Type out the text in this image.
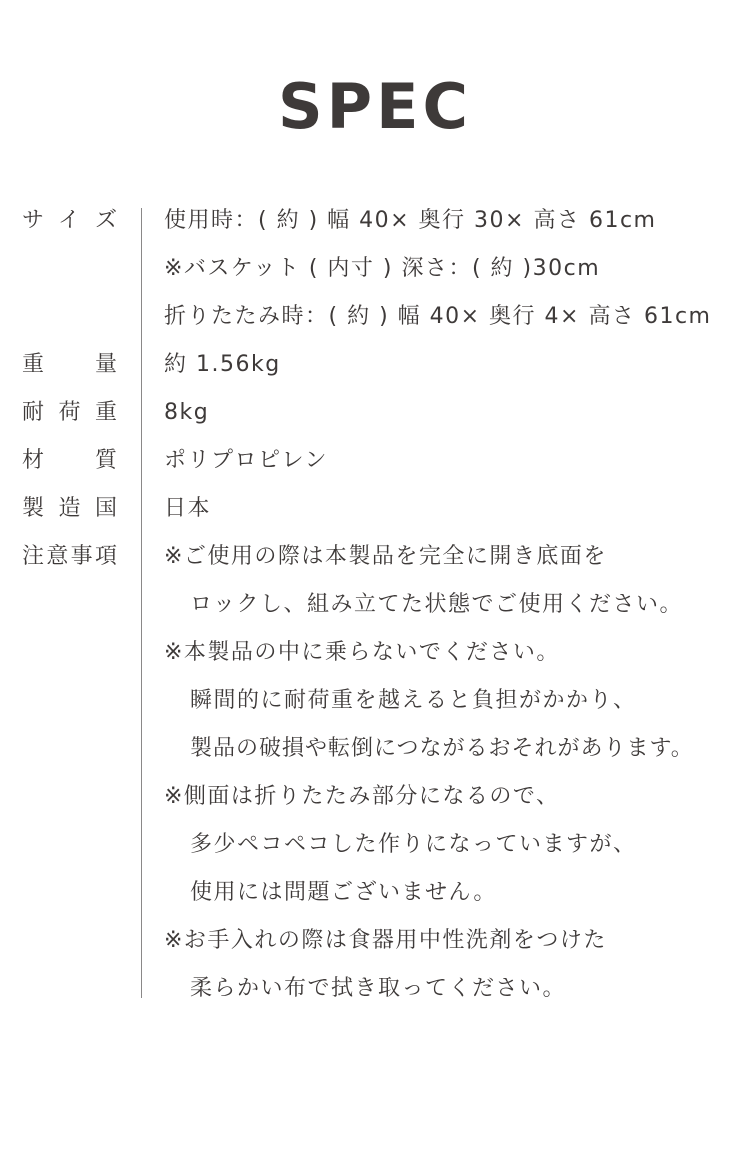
SPEC
サイズ 使用時：( 約 ) 幅 40× 奥行 30× 高さ 61cm
※バスケット ( 内寸 ) 深さ：( 約 )30cm
折りたたみ時：( 約 ) 幅 40× 奥行 4× 高さ 61cm
重量 約 1.56kg
耐荷重 8kg
材質 ポリプロピレン
製造国 日本
注意事項 ※ご使用の際は本製品を完全に開き底面を
ロックし、組み立てた状態でご使用ください。
※本製品の中に乗らないでください。
瞬間的に耐荷重を越えると負担がかかり、
製品の破損や転倒につながるおそれがあります。
※側面は折りたたみ部分になるので、
多少ペコペコした作りになっていますが、
使用には問題ございません。
※お手入れの際は食器用中性洗剤をつけた
柔らかい布で拭き取ってください。
